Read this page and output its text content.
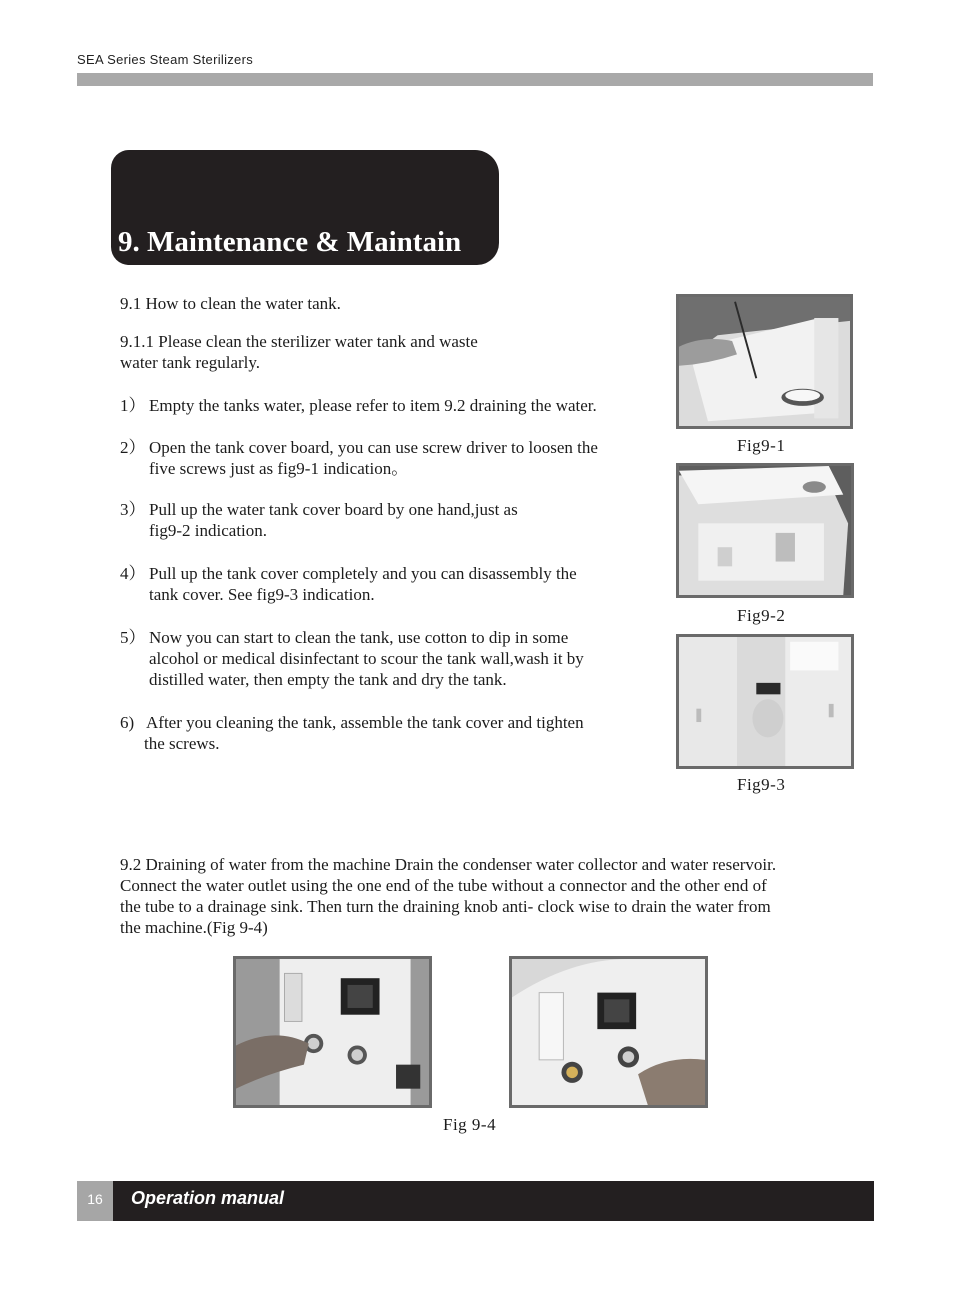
SEA Series Steam Sterilizers
9. Maintenance & Maintain
9.1 How to clean the water tank.
9.1.1 Please clean the sterilizer water tank and waste
water tank regularly.
1） Empty the tanks water, please refer to item 9.2 draining the water.
2） Open the tank cover board, you can use screw driver to loosen the
five screws just as fig9-1 indication。
3） Pull up the water tank cover board by one hand,just as
fig9-2 indication.
4） Pull up the tank cover completely and you can disassembly the
tank cover. See fig9-3 indication.
5） Now you can start to clean the tank, use cotton to dip in some
alcohol or medical disinfectant to scour the tank wall,wash it by
distilled water, then empty the tank and dry the tank.
6) After you cleaning the tank, assemble the tank cover and tighten
the screws.
Fig9-1
Fig9-2
Fig9-3
9.2 Draining of water from the machine Drain the condenser water collector and water reservoir.
Connect the water outlet using the one end of the tube without a connector and the other end of
the tube to a drainage sink. Then turn the draining knob anti- clock wise to drain the water from
the machine.(Fig 9-4)
Fig 9-4
16	Operation manual
